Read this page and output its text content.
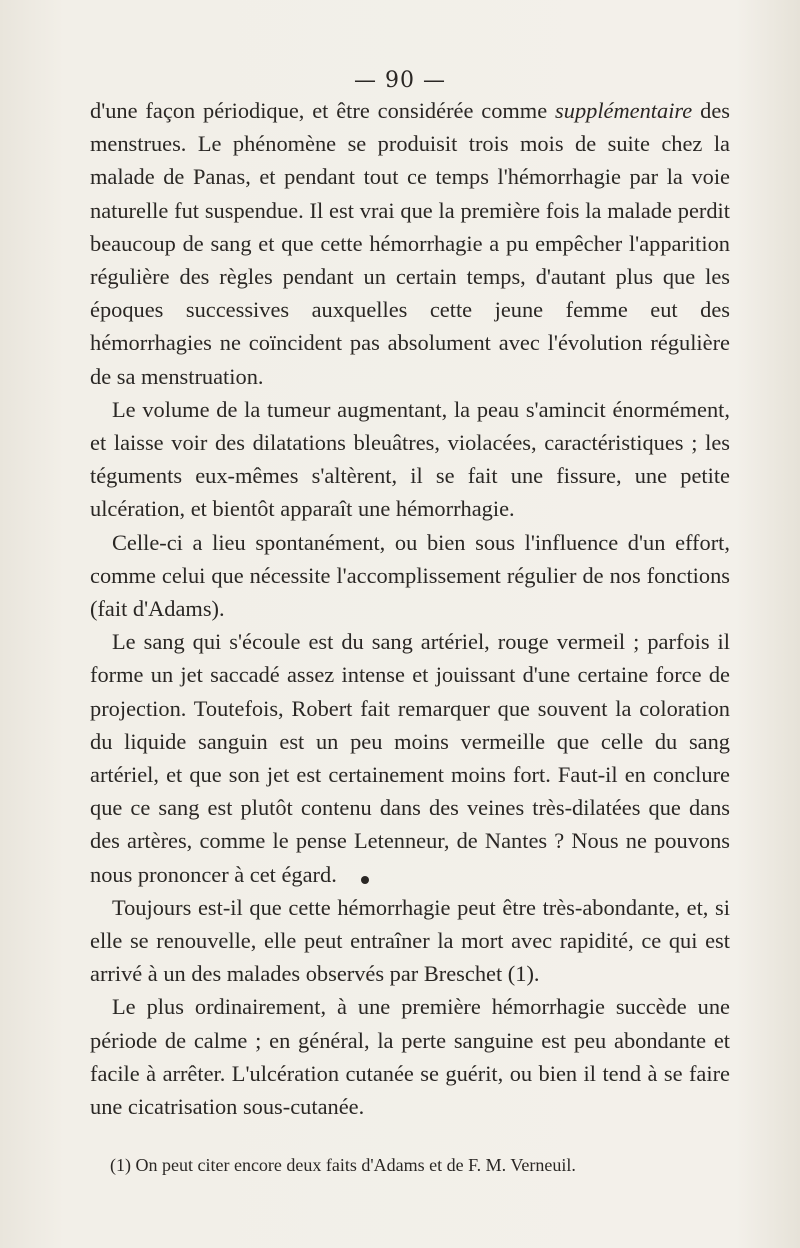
— 90 —

d'une façon périodique, et être considérée comme supplémentaire des menstrues. Le phénomène se produisit trois mois de suite chez la malade de Panas, et pendant tout ce temps l'hémorrhagie par la voie naturelle fut suspendue. Il est vrai que la première fois la malade perdit beaucoup de sang et que cette hémorrhagie a pu empêcher l'apparition régulière des règles pendant un certain temps, d'autant plus que les époques successives auxquelles cette jeune femme eut des hémorrhagies ne coïncident pas absolument avec l'évolution régulière de sa menstruation.

Le volume de la tumeur augmentant, la peau s'amincit énormément, et laisse voir des dilatations bleuâtres, violacées, caractéristiques ; les téguments eux-mêmes s'altèrent, il se fait une fissure, une petite ulcération, et bientôt apparaît une hémorrhagie.

Celle-ci a lieu spontanément, ou bien sous l'influence d'un effort, comme celui que nécessite l'accomplissement régulier de nos fonctions (fait d'Adams).

Le sang qui s'écoule est du sang artériel, rouge vermeil ; parfois il forme un jet saccadé assez intense et jouissant d'une certaine force de projection. Toutefois, Robert fait remarquer que souvent la coloration du liquide sanguin est un peu moins vermeille que celle du sang artériel, et que son jet est certainement moins fort. Faut-il en conclure que ce sang est plutôt contenu dans des veines très-dilatées que dans des artères, comme le pense Letenneur, de Nantes ? Nous ne pouvons nous prononcer à cet égard.

Toujours est-il que cette hémorrhagie peut être très-abondante, et, si elle se renouvelle, elle peut entraîner la mort avec rapidité, ce qui est arrivé à un des malades observés par Breschet (1).

Le plus ordinairement, à une première hémorrhagie succède une période de calme ; en général, la perte sanguine est peu abondante et facile à arrêter. L'ulcération cutanée se guérit, ou bien il tend à se faire une cicatrisation sous-cutanée.

(1) On peut citer encore deux faits d'Adams et de F. M. Verneuil.
